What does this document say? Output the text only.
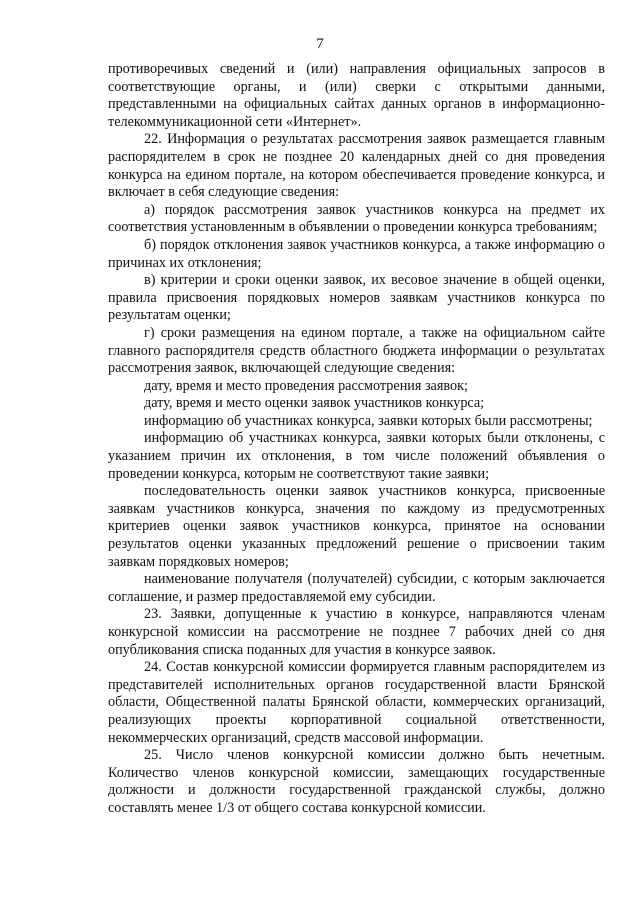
7

противоречивых сведений и (или) направления официальных запросов в соответствующие органы, и (или) сверки с открытыми данными, представленными на официальных сайтах данных органов в информационно-телекоммуникационной сети «Интернет».

22. Информация о результатах рассмотрения заявок размещается главным распорядителем в срок не позднее 20 календарных дней со дня проведения конкурса на едином портале, на котором обеспечивается проведение конкурса, и включает в себя следующие сведения:

а) порядок рассмотрения заявок участников конкурса на предмет их соответствия установленным в объявлении о проведении конкурса требованиям;

б) порядок отклонения заявок участников конкурса, а также информацию о причинах их отклонения;

в) критерии и сроки оценки заявок, их весовое значение в общей оценки, правила присвоения порядковых номеров заявкам участников конкурса по результатам оценки;

г) сроки размещения на едином портале, а также на официальном сайте главного распорядителя средств областного бюджета информации о результатах рассмотрения заявок, включающей следующие сведения:

дату, время и место проведения рассмотрения заявок;

дату, время и место оценки заявок участников конкурса;

информацию об участниках конкурса, заявки которых были рассмотрены;

информацию об участниках конкурса, заявки которых были отклонены, с указанием причин их отклонения, в том числе положений объявления о проведении конкурса, которым не соответствуют такие заявки;

последовательность оценки заявок участников конкурса, присвоенные заявкам участников конкурса, значения по каждому из предусмотренных критериев оценки заявок участников конкурса, принятое на основании результатов оценки указанных предложений решение о присвоении таким заявкам порядковых номеров;

наименование получателя (получателей) субсидии, с которым заключается соглашение, и размер предоставляемой ему субсидии.

23. Заявки, допущенные к участию в конкурсе, направляются членам конкурсной комиссии на рассмотрение не позднее 7 рабочих дней со дня опубликования списка поданных для участия в конкурсе заявок.

24. Состав конкурсной комиссии формируется главным распорядителем из представителей исполнительных органов государственной власти Брянской области, Общественной палаты Брянской области, коммерческих организаций, реализующих проекты корпоративной социальной ответственности, некоммерческих организаций, средств массовой информации.

25. Число членов конкурсной комиссии должно быть нечетным. Количество членов конкурсной комиссии, замещающих государственные должности и должности государственной гражданской службы, должно составлять менее 1/3 от общего состава конкурсной комиссии.
